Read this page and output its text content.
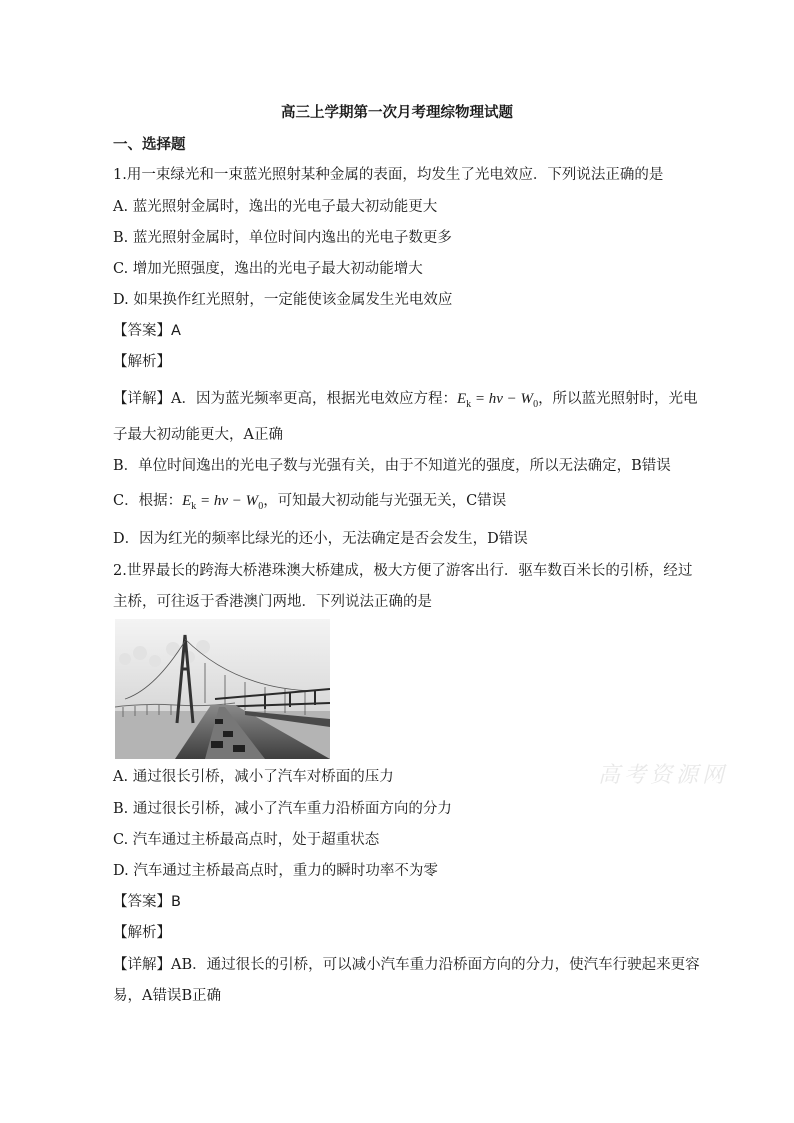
高三上学期第一次月考理综物理试题
一、选择题
1.用一束绿光和一束蓝光照射某种金属的表面，均发生了光电效应．下列说法正确的是
A. 蓝光照射金属时，逸出的光电子最大初动能更大
B. 蓝光照射金属时，单位时间内逸出的光电子数更多
C. 增加光照强度，逸出的光电子最大初动能增大
D. 如果换作红光照射，一定能使该金属发生光电效应
【答案】A
【解析】
【详解】A．因为蓝光频率更高，根据光电效应方程：$E_k = h\nu - W_0$，所以蓝光照射时，光电
子最大初动能更大，A正确
B．单位时间逸出的光电子数与光强有关，由于不知道光的强度，所以无法确定，B错误
C．根据：$E_k = h\nu - W_0$，可知最大初动能与光强无关，C错误
D．因为红光的频率比绿光的还小，无法确定是否会发生，D错误
2.世界最长的跨海大桥港珠澳大桥建成，极大方便了游客出行．驱车数百米长的引桥，经过
主桥，可往返于香港澳门两地．下列说法正确的是
高考资源网
A. 通过很长引桥，减小了汽车对桥面的压力
B. 通过很长引桥，减小了汽车重力沿桥面方向的分力
C. 汽车通过主桥最高点时，处于超重状态
D. 汽车通过主桥最高点时，重力的瞬时功率不为零
【答案】B
【解析】
【详解】AB．通过很长的引桥，可以减小汽车重力沿桥面方向的分力，使汽车行驶起来更容
易，A错误B正确
